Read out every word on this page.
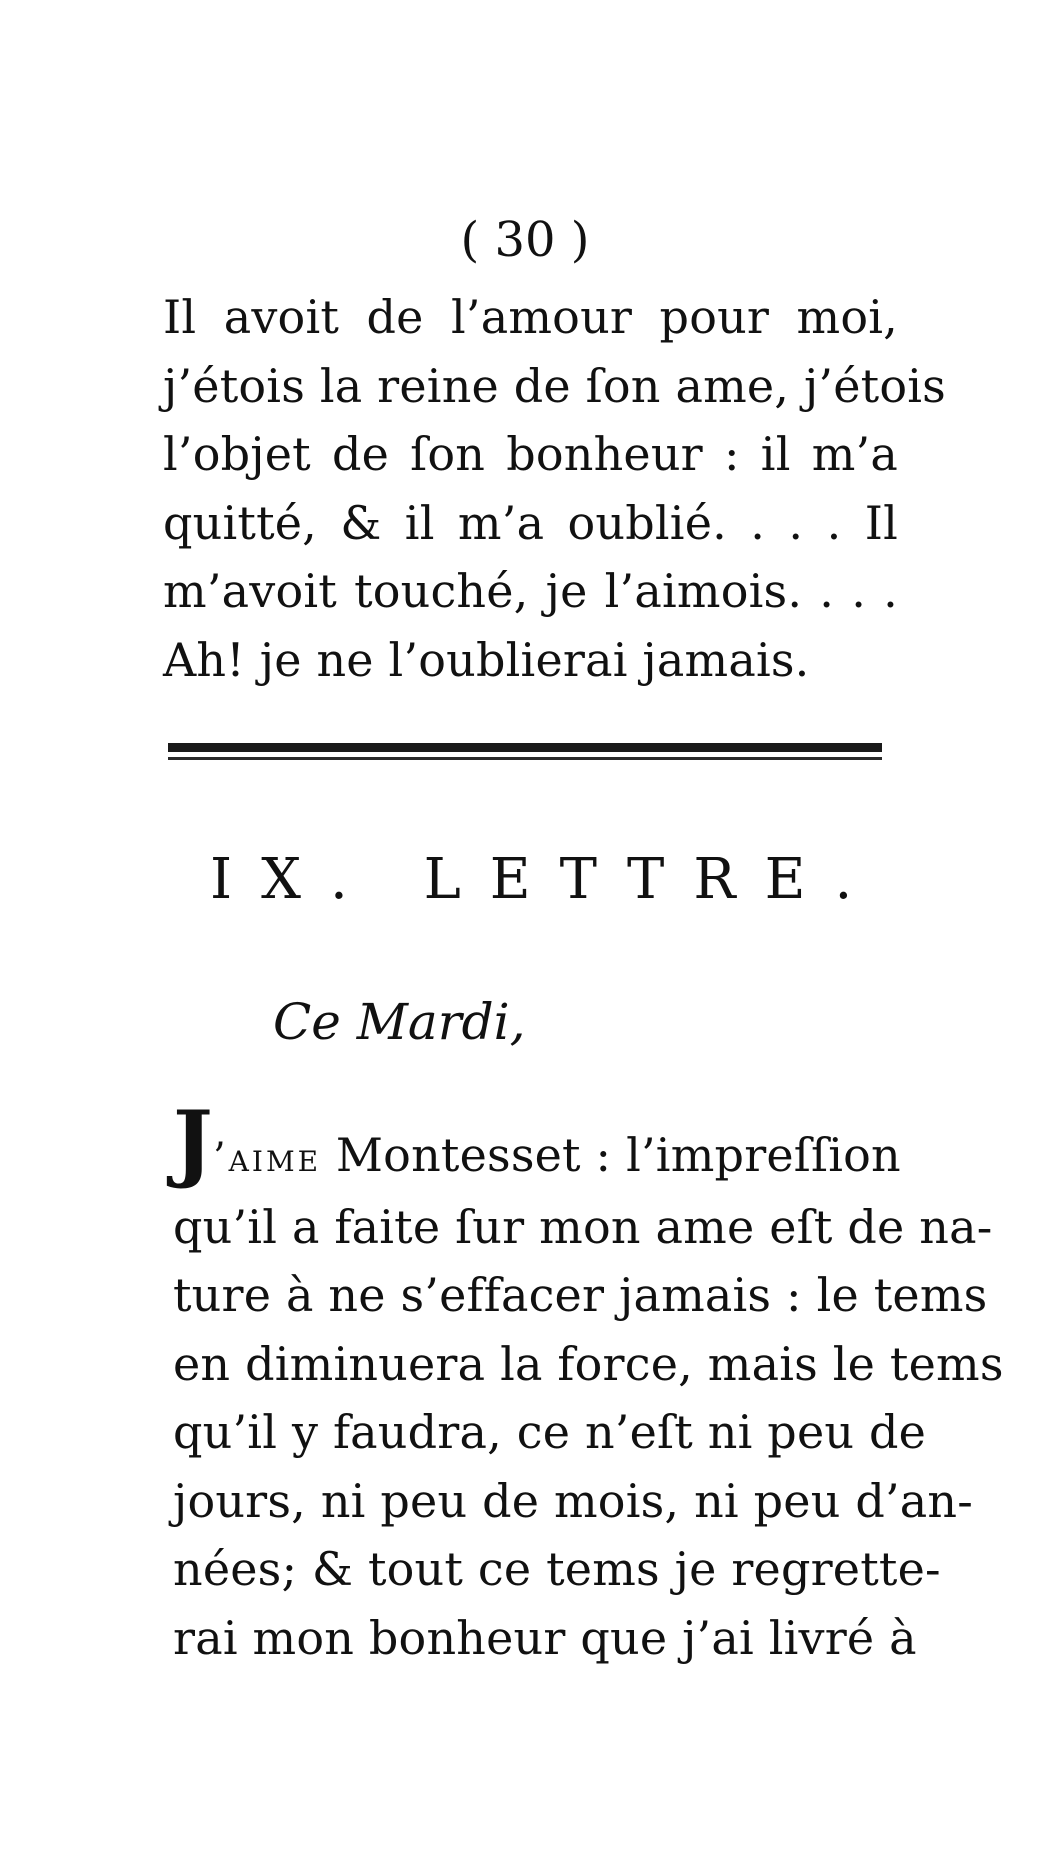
( 30 )
Il avoit de l’amour pour moi,
j’étois la reine de ſon ame, j’étois
l’objet de ſon bonheur : il m’a
quitté, & il m’a oublié. . . . Il
m’avoit touché, je l’aimois. . . .
Ah! je ne l’oublierai jamais.
IX. LETTRE.
Ce Mardi,
J’aime Montesset : l’impreſſion
qu’il a faite ſur mon ame eſt de na-
ture à ne s’effacer jamais : le tems
en diminuera la force, mais le tems
qu’il y faudra, ce n’eſt ni peu de
jours, ni peu de mois, ni peu d’an-
nées; & tout ce tems je regrette-
rai mon bonheur que j’ai livré à
